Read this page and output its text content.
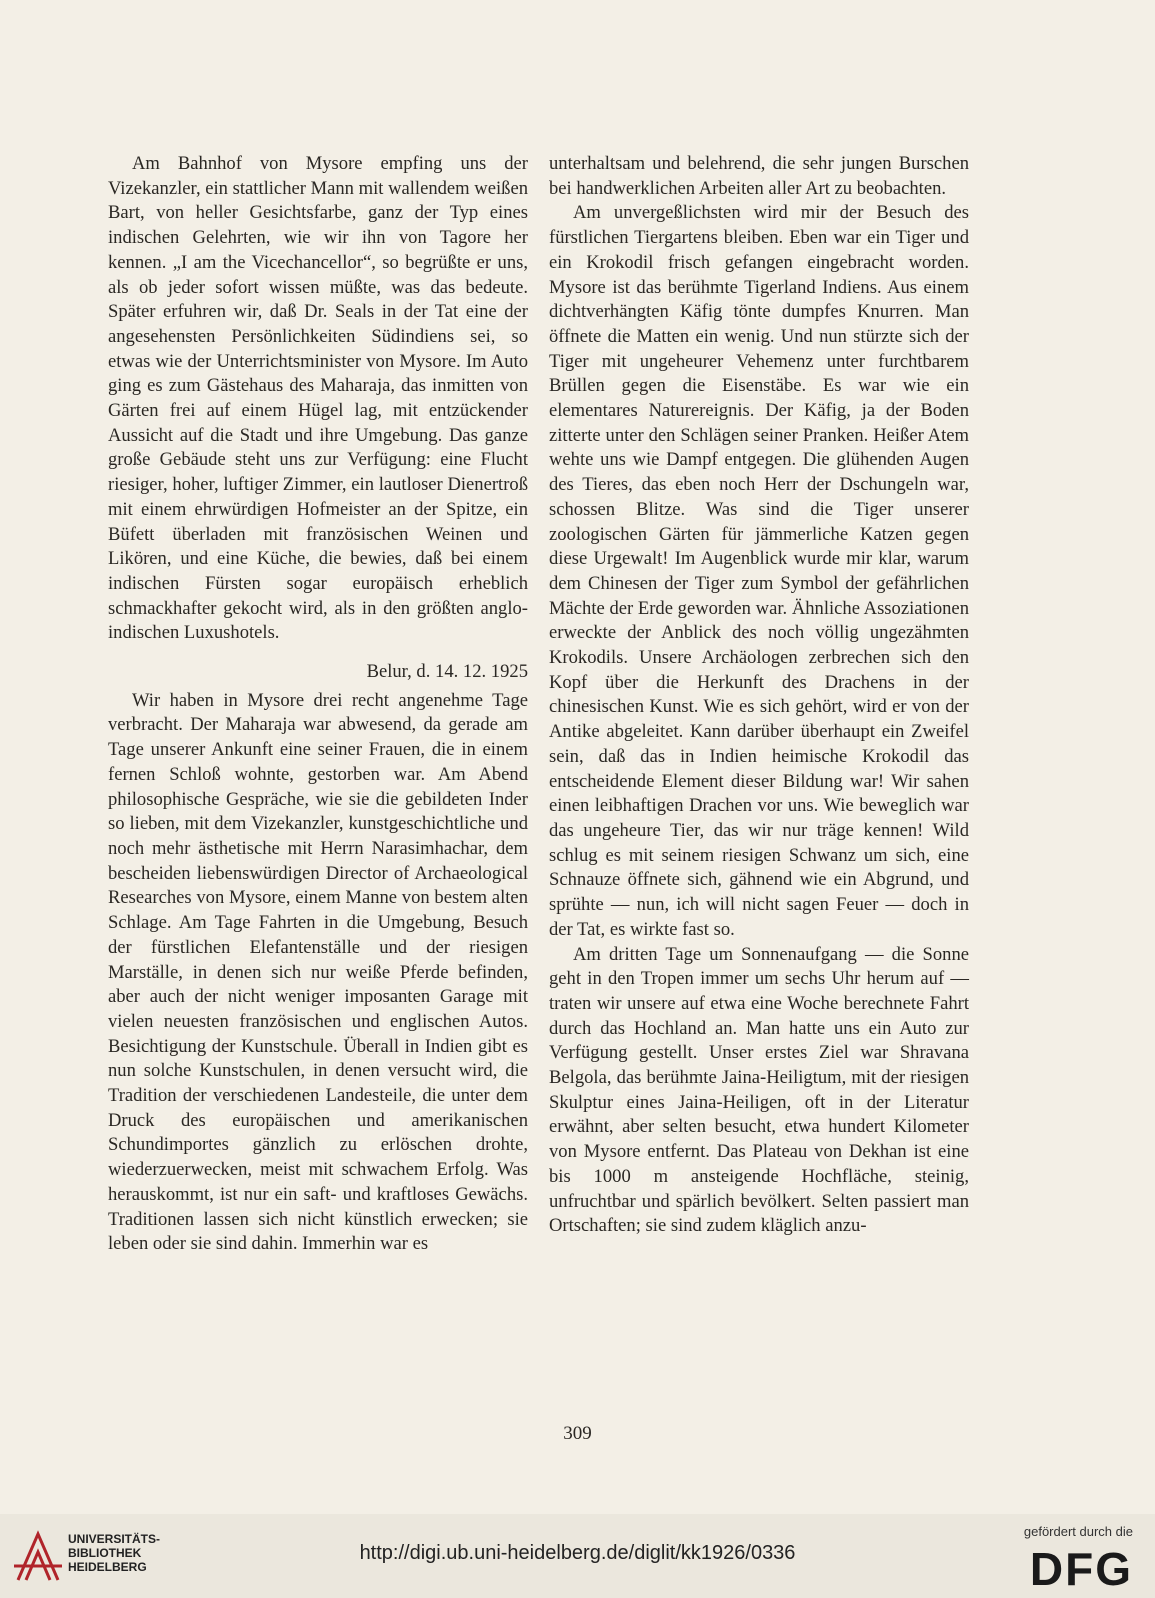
Am Bahnhof von Mysore empfing uns der Vizekanzler, ein stattlicher Mann mit wallendem weißen Bart, von heller Gesichtsfarbe, ganz der Typ eines indischen Gelehrten, wie wir ihn von Tagore her kennen. „I am the Vicechancellor“, so begrüßte er uns, als ob jeder sofort wissen müßte, was das bedeute. Später erfuhren wir, daß Dr. Seals in der Tat eine der angesehensten Persönlichkeiten Südindiens sei, so etwas wie der Unterrichtsminister von Mysore. Im Auto ging es zum Gästehaus des Maharaja, das inmitten von Gärten frei auf einem Hügel lag, mit entzückender Aussicht auf die Stadt und ihre Umgebung. Das ganze große Gebäude steht uns zur Verfügung: eine Flucht riesiger, hoher, luftiger Zimmer, ein lautloser Dienertroß mit einem ehrwürdigen Hofmeister an der Spitze, ein Büfett überladen mit französischen Weinen und Likören, und eine Küche, die bewies, daß bei einem indischen Fürsten sogar europäisch erheblich schmackhafter gekocht wird, als in den größten anglo-indischen Luxushotels.

Belur, d. 14. 12. 1925

Wir haben in Mysore drei recht angenehme Tage verbracht. Der Maharaja war abwesend, da gerade am Tage unserer Ankunft eine seiner Frauen, die in einem fernen Schloß wohnte, gestorben war. Am Abend philosophische Gespräche, wie sie die gebildeten Inder so lieben, mit dem Vizekanzler, kunstgeschichtliche und noch mehr ästhetische mit Herrn Narasimhachar, dem bescheiden liebenswürdigen Director of Archaeological Researches von Mysore, einem Manne von bestem alten Schlage. Am Tage Fahrten in die Umgebung, Besuch der fürstlichen Elefantenställe und der riesigen Marställe, in denen sich nur weiße Pferde befinden, aber auch der nicht weniger imposanten Garage mit vielen neuesten französischen und englischen Autos. Besichtigung der Kunstschule. Überall in Indien gibt es nun solche Kunstschulen, in denen versucht wird, die Tradition der verschiedenen Landesteile, die unter dem Druck des europäischen und amerikanischen Schundimportes gänzlich zu erlöschen drohte, wiederzuerwecken, meist mit schwachem Erfolg. Was herauskommt, ist nur ein saft- und kraftloses Gewächs. Traditionen lassen sich nicht künstlich erwecken; sie leben oder sie sind dahin. Immerhin war es

unterhaltsam und belehrend, die sehr jungen Burschen bei handwerklichen Arbeiten aller Art zu beobachten.

Am unvergeßlichsten wird mir der Besuch des fürstlichen Tiergartens bleiben. Eben war ein Tiger und ein Krokodil frisch gefangen eingebracht worden. Mysore ist das berühmte Tigerland Indiens. Aus einem dichtverhängten Käfig tönte dumpfes Knurren. Man öffnete die Matten ein wenig. Und nun stürzte sich der Tiger mit ungeheurer Vehemenz unter furchtbarem Brüllen gegen die Eisenstäbe. Es war wie ein elementares Naturereignis. Der Käfig, ja der Boden zitterte unter den Schlägen seiner Pranken. Heißer Atem wehte uns wie Dampf entgegen. Die glühenden Augen des Tieres, das eben noch Herr der Dschungeln war, schossen Blitze. Was sind die Tiger unserer zoologischen Gärten für jämmerliche Katzen gegen diese Urgewalt! Im Augenblick wurde mir klar, warum dem Chinesen der Tiger zum Symbol der gefährlichen Mächte der Erde geworden war. Ähnliche Assoziationen erweckte der Anblick des noch völlig ungezähmten Krokodils. Unsere Archäologen zerbrechen sich den Kopf über die Herkunft des Drachens in der chinesischen Kunst. Wie es sich gehört, wird er von der Antike abgeleitet. Kann darüber überhaupt ein Zweifel sein, daß das in Indien heimische Krokodil das entscheidende Element dieser Bildung war! Wir sahen einen leibhaftigen Drachen vor uns. Wie beweglich war das ungeheure Tier, das wir nur träge kennen! Wild schlug es mit seinem riesigen Schwanz um sich, eine Schnauze öffnete sich, gähnend wie ein Abgrund, und sprühte — nun, ich will nicht sagen Feuer — doch in der Tat, es wirkte fast so.

Am dritten Tage um Sonnenaufgang — die Sonne geht in den Tropen immer um sechs Uhr herum auf — traten wir unsere auf etwa eine Woche berechnete Fahrt durch das Hochland an. Man hatte uns ein Auto zur Verfügung gestellt. Unser erstes Ziel war Shravana Belgola, das berühmte Jaina-Heiligtum, mit der riesigen Skulptur eines Jaina-Heiligen, oft in der Literatur erwähnt, aber selten besucht, etwa hundert Kilometer von Mysore entfernt. Das Plateau von Dekhan ist eine bis 1000 m ansteigende Hochfläche, steinig, unfruchtbar und spärlich bevölkert. Selten passiert man Ortschaften; sie sind zudem kläglich anzu-

309
UNIVERSITÄTS-
BIBLIOTHEK
HEIDELBERG
http://digi.ub.uni-heidelberg.de/diglit/kk1926/0336
gefördert durch die
DFG
